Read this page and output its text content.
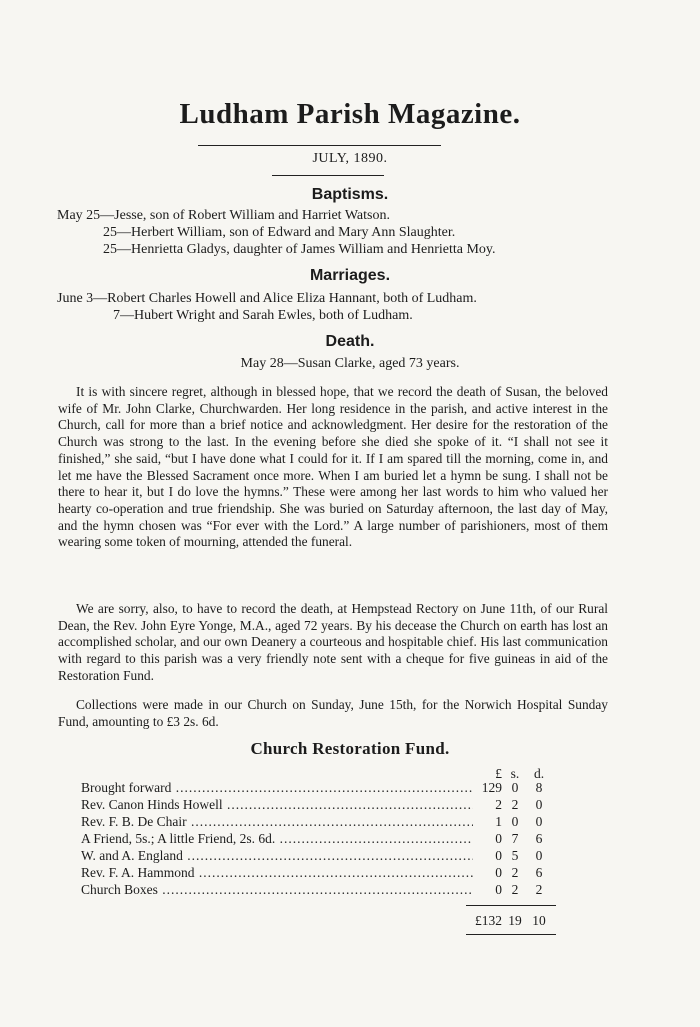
Ludham Parish Magazine.
JULY, 1890.
Baptisms.
May 25—Jesse, son of Robert William and Harriet Watson.
25—Herbert William, son of Edward and Mary Ann Slaughter.
25—Henrietta Gladys, daughter of James William and Henrietta Moy.
Marriages.
June 3—Robert Charles Howell and Alice Eliza Hannant, both of Ludham.
7—Hubert Wright and Sarah Ewles, both of Ludham.
Death.
May 28—Susan Clarke, aged 73 years.

It is with sincere regret, although in blessed hope, that we record the death of Susan, the beloved wife of Mr. John Clarke, Churchwarden. Her long residence in the parish, and active interest in the Church, call for more than a brief notice and acknowledgment. Her desire for the restoration of the Church was strong to the last. In the evening before she died she spoke of it. “I shall not see it finished,” she said, “but I have done what I could for it. If I am spared till the morning, come in, and let me have the Blessed Sacrament once more. When I am buried let a hymn be sung. I shall not be there to hear it, but I do love the hymns.” These were among her last words to him who valued her hearty co-operation and true friendship. She was buried on Saturday afternoon, the last day of May, and the hymn chosen was “For ever with the Lord.” A large number of parishioners, most of them wearing some token of mourning, attended the funeral.

We are sorry, also, to have to record the death, at Hempstead Rectory on June 11th, of our Rural Dean, the Rev. John Eyre Yonge, M.A., aged 72 years. By his decease the Church on earth has lost an accomplished scholar, and our own Deanery a courteous and hospitable chief. His last communication with regard to this parish was a very friendly note sent with a cheque for five guineas in aid of the Restoration Fund.

Collections were made in our Church on Sunday, June 15th, for the Norwich Hospital Sunday Fund, amounting to £3 2s. 6d.

Church Restoration Fund.
£ s.	d.
Brought forward .....	129 0	8
Rev. Canon Hinds Howell .....	2 2	0
Rev. F. B. De Chair .....	1 0	0
A Friend, 5s.; A little Friend, 2s. 6d. .....	0 7	6
W. and A. England .....	0 5	0
Rev. F. A. Hammond .....	0 2	6
Church Boxes .....	0 2	2
£132 19 10
